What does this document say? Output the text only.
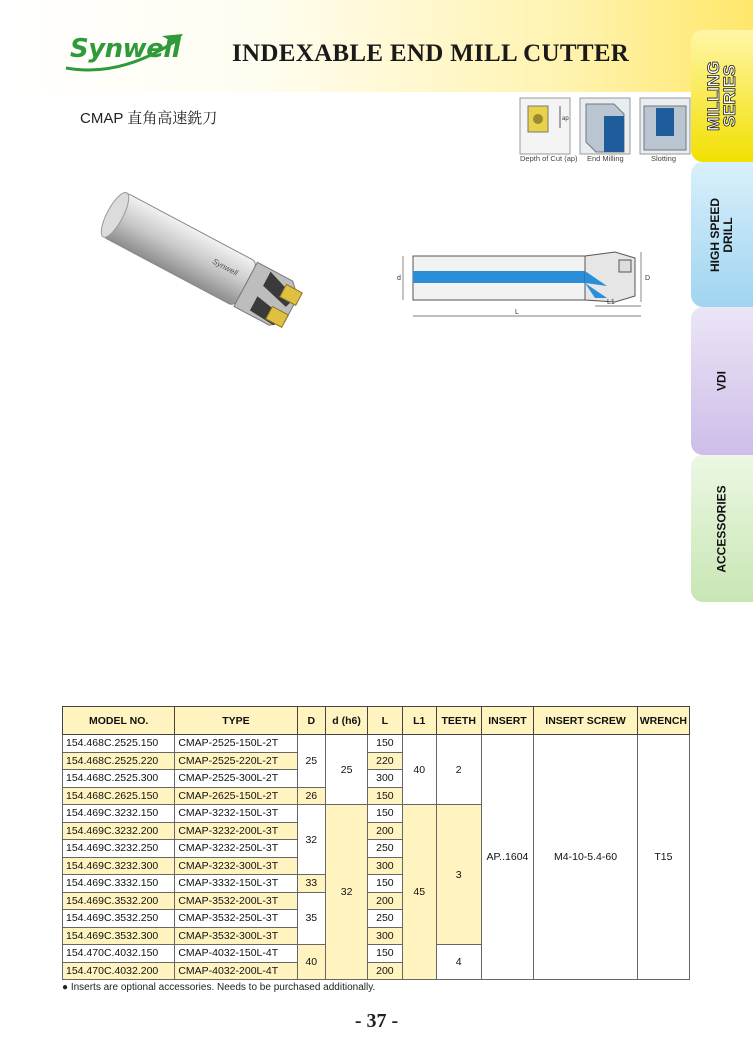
Synwell INDEXABLE END MILL CUTTER
CMAP 直角高速銑刀	ap
Depth of Cut (ap) End Milling	Slotting
MILLING
SERIES
HIGH SPEED
DRILL
VDI
ACCESSORIES
Synwell
d	D
L
L1
MODEL NO.	TYPE	D	d (h6)	L	L1	TEETH	INSERT	INSERT SCREW	WRENCH
154.468C.2525.150	CMAP-2525-150L-2T	25	25	150	40	2	AP..1604	M4-10-5.4-60	T15
154.468C.2525.220	CMAP-2525-220L-2T			220					
154.468C.2525.300	CMAP-2525-300L-2T			300					
154.468C.2625.150	CMAP-2625-150L-2T	26		150					
154.469C.3232.150	CMAP-3232-150L-3T	32	32	150	45	3			
154.469C.3232.200	CMAP-3232-200L-3T			200					
154.469C.3232.250	CMAP-3232-250L-3T			250					
154.469C.3232.300	CMAP-3232-300L-3T			300					
154.469C.3332.150	CMAP-3332-150L-3T	33		150					
154.469C.3532.200	CMAP-3532-200L-3T	35		200					
154.469C.3532.250	CMAP-3532-250L-3T			250					
154.469C.3532.300	CMAP-3532-300L-3T			300					
154.470C.4032.150	CMAP-4032-150L-4T	40		150		4			
154.470C.4032.200	CMAP-4032-200L-4T			200					
● Inserts are optional accessories. Needs to be purchased additionally.
- 37 -
